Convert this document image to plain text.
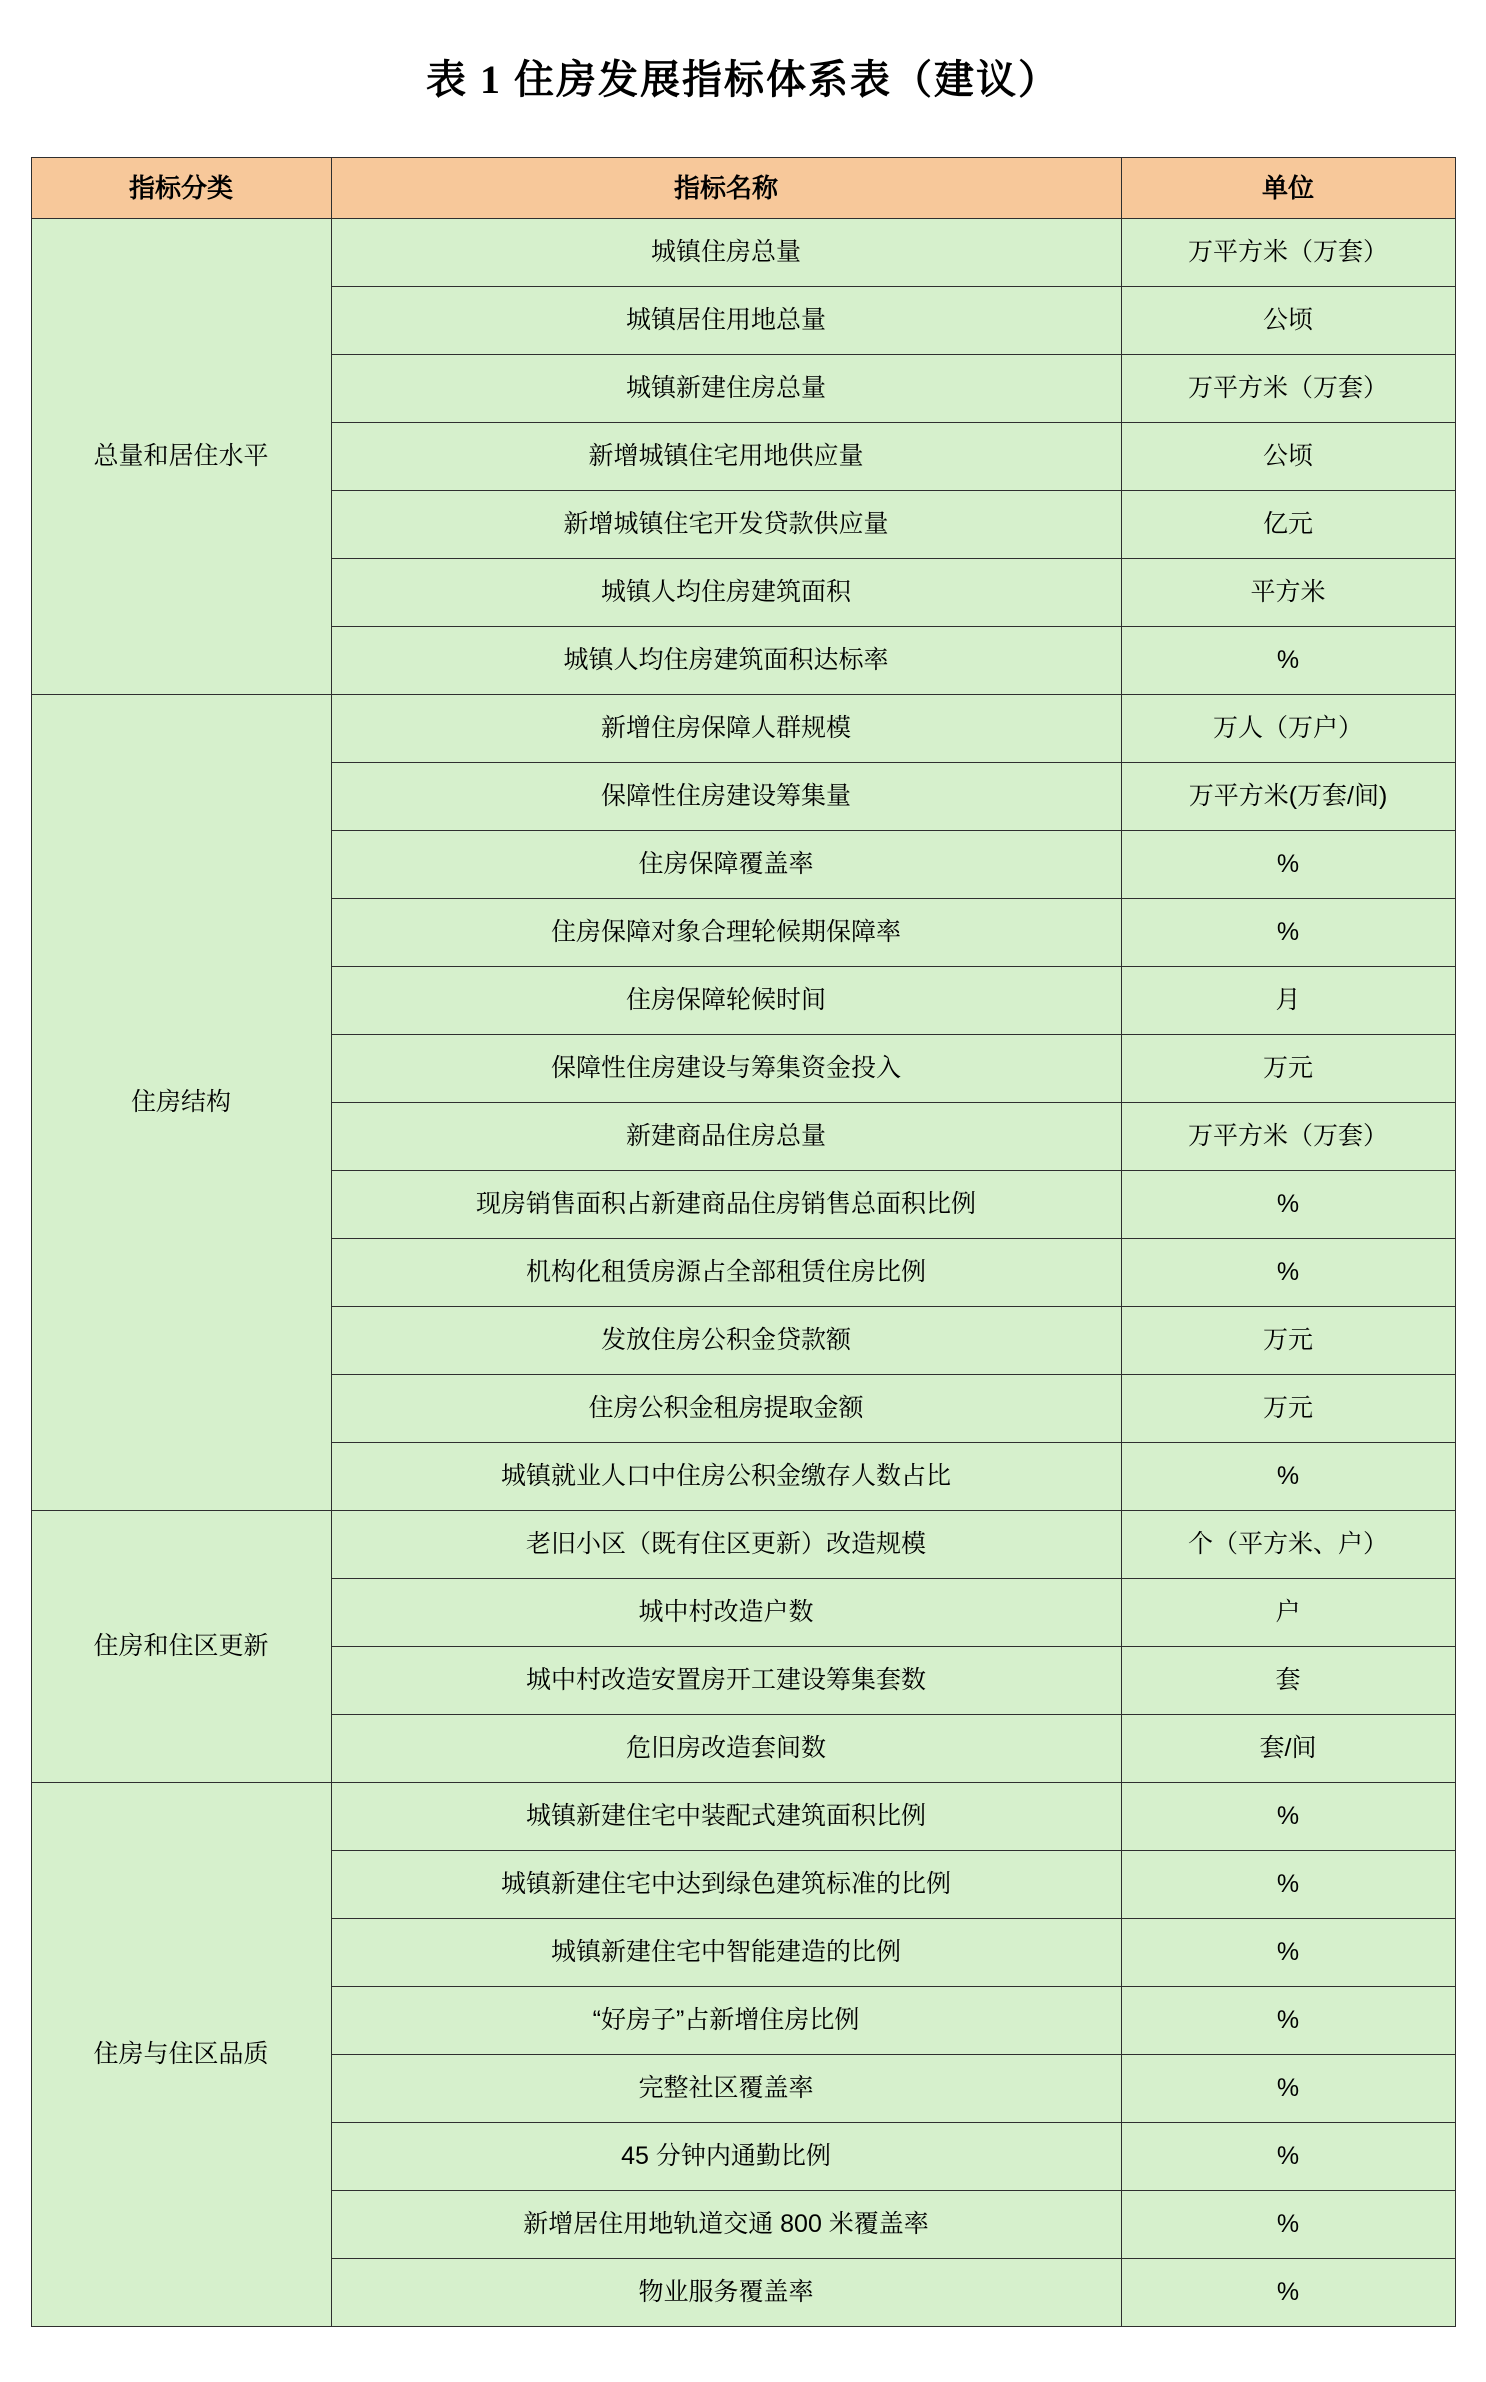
表 1 住房发展指标体系表（建议）
指标分类	指标名称	单位
总量和居住水平	城镇住房总量	万平方米（万套）
	城镇居住用地总量	公顷
	城镇新建住房总量	万平方米（万套）
	新增城镇住宅用地供应量	公顷
	新增城镇住宅开发贷款供应量	亿元
	城镇人均住房建筑面积	平方米
	城镇人均住房建筑面积达标率	%
住房结构	新增住房保障人群规模	万人（万户）
	保障性住房建设筹集量	万平方米(万套/间)
	住房保障覆盖率	%
	住房保障对象合理轮候期保障率	%
	住房保障轮候时间	月
	保障性住房建设与筹集资金投入	万元
	新建商品住房总量	万平方米（万套）
	现房销售面积占新建商品住房销售总面积比例	%
	机构化租赁房源占全部租赁住房比例	%
	发放住房公积金贷款额	万元
	住房公积金租房提取金额	万元
	城镇就业人口中住房公积金缴存人数占比	%
住房和住区更新	老旧小区（既有住区更新）改造规模	个（平方米、户）
	城中村改造户数	户
	城中村改造安置房开工建设筹集套数	套
	危旧房改造套间数	套/间
住房与住区品质	城镇新建住宅中装配式建筑面积比例	%
	城镇新建住宅中达到绿色建筑标准的比例	%
	城镇新建住宅中智能建造的比例	%
	“好房子”占新增住房比例	%
	完整社区覆盖率	%
	45 分钟内通勤比例	%
	新增居住用地轨道交通 800 米覆盖率	%
	物业服务覆盖率	%
